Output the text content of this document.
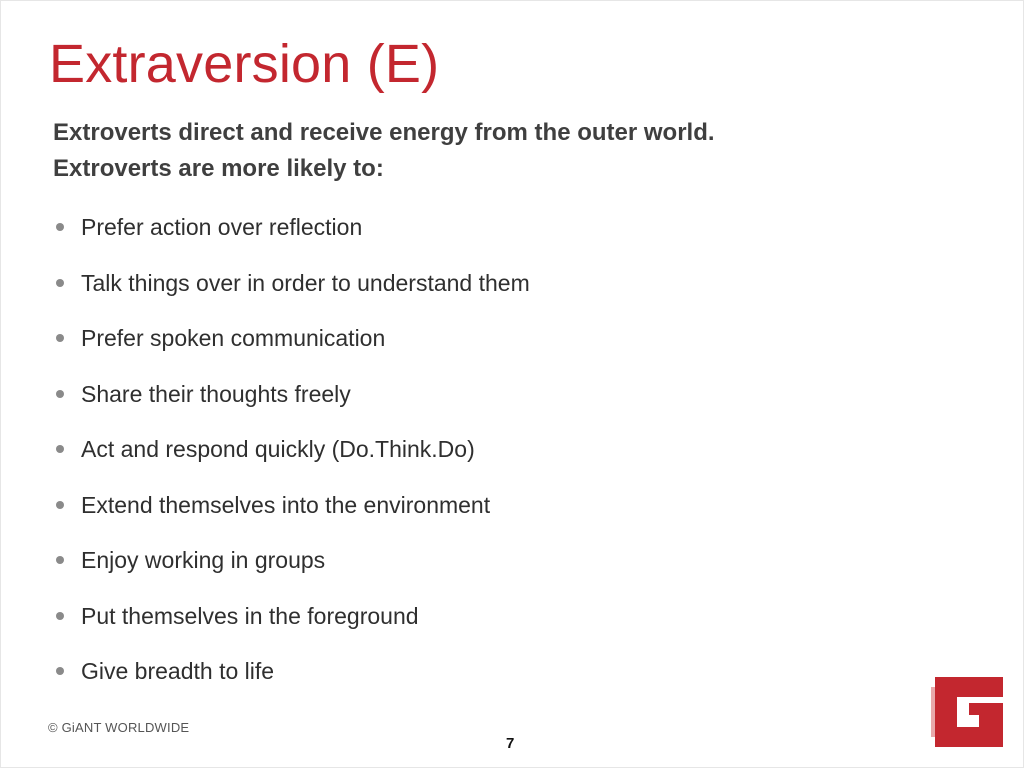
Extraversion (E)
Extroverts direct and receive energy from the outer world.
Extroverts are more likely to:
Prefer action over reflection
Talk things over in order to understand them
Prefer spoken communication
Share their thoughts freely
Act and respond quickly (Do.Think.Do)
Extend themselves into the environment
Enjoy working in groups
Put themselves in the foreground
Give breadth to life
© GiANT WORLDWIDE
7
